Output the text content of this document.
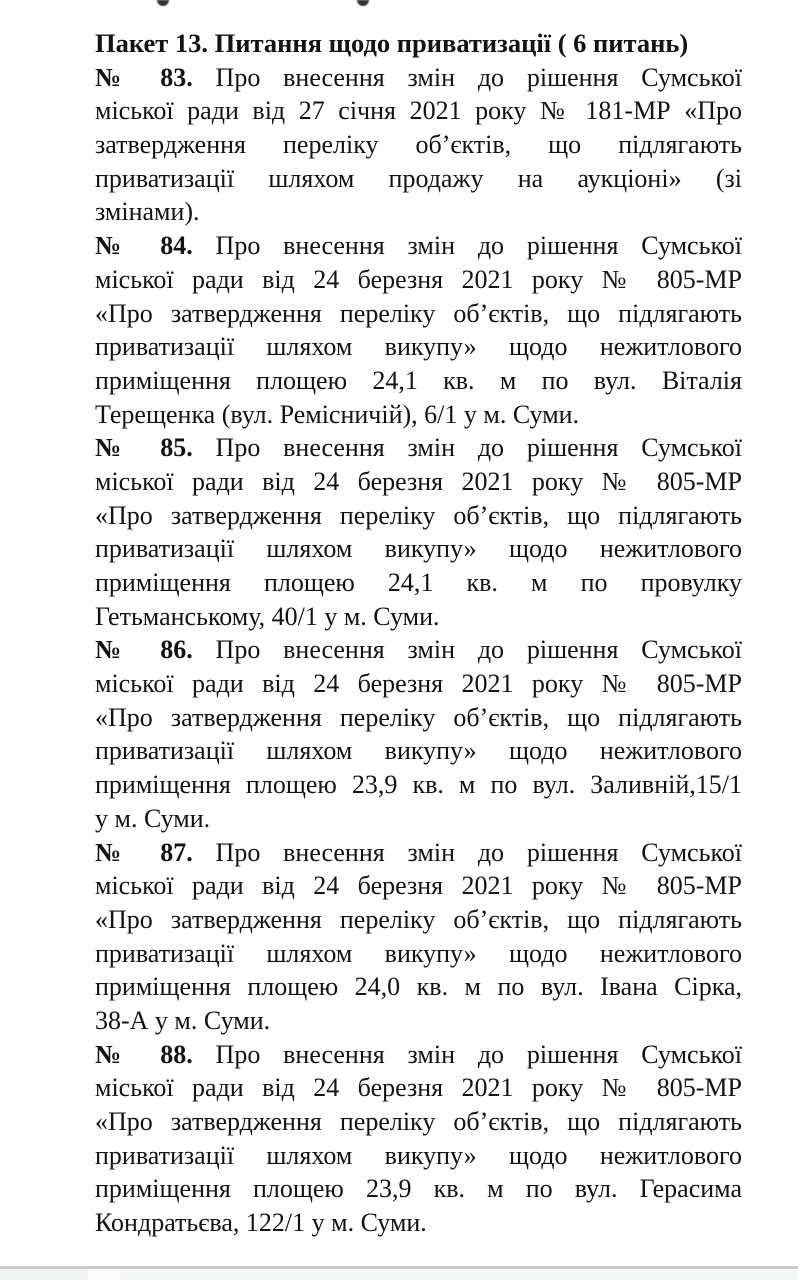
Пакет 13. Питання щодо приватизації ( 6 питань)
№ 83. Про внесення змін до рішення Сумської
міської ради від 27 січня 2021 року № 181-МР «Про
затвердження переліку об’єктів, що підлягають
приватизації шляхом продажу на аукціоні» (зі
змінами).
№ 84. Про внесення змін до рішення Сумської
міської ради від 24 березня 2021 року № 805-МР
«Про затвердження переліку об’єктів, що підлягають
приватизації шляхом викупу» щодо нежитлового
приміщення площею 24,1 кв. м по вул. Віталія
Терещенка (вул. Ремісничій), 6/1 у м. Суми.
№ 85. Про внесення змін до рішення Сумської
міської ради від 24 березня 2021 року № 805-МР
«Про затвердження переліку об’єктів, що підлягають
приватизації шляхом викупу» щодо нежитлового
приміщення площею 24,1 кв. м по провулку
Гетьманському, 40/1 у м. Суми.
№ 86. Про внесення змін до рішення Сумської
міської ради від 24 березня 2021 року № 805-МР
«Про затвердження переліку об’єктів, що підлягають
приватизації шляхом викупу» щодо нежитлового
приміщення площею 23,9 кв. м по вул. Заливній,15/1
у м. Суми.
№ 87. Про внесення змін до рішення Сумської
міської ради від 24 березня 2021 року № 805-МР
«Про затвердження переліку об’єктів, що підлягають
приватизації шляхом викупу» щодо нежитлового
приміщення площею 24,0 кв. м по вул. Івана Сірка,
38-А у м. Суми.
№ 88. Про внесення змін до рішення Сумської
міської ради від 24 березня 2021 року № 805-МР
«Про затвердження переліку об’єктів, що підлягають
приватизації шляхом викупу» щодо нежитлового
приміщення площею 23,9 кв. м по вул. Герасима
Кондратьєва, 122/1 у м. Суми.
